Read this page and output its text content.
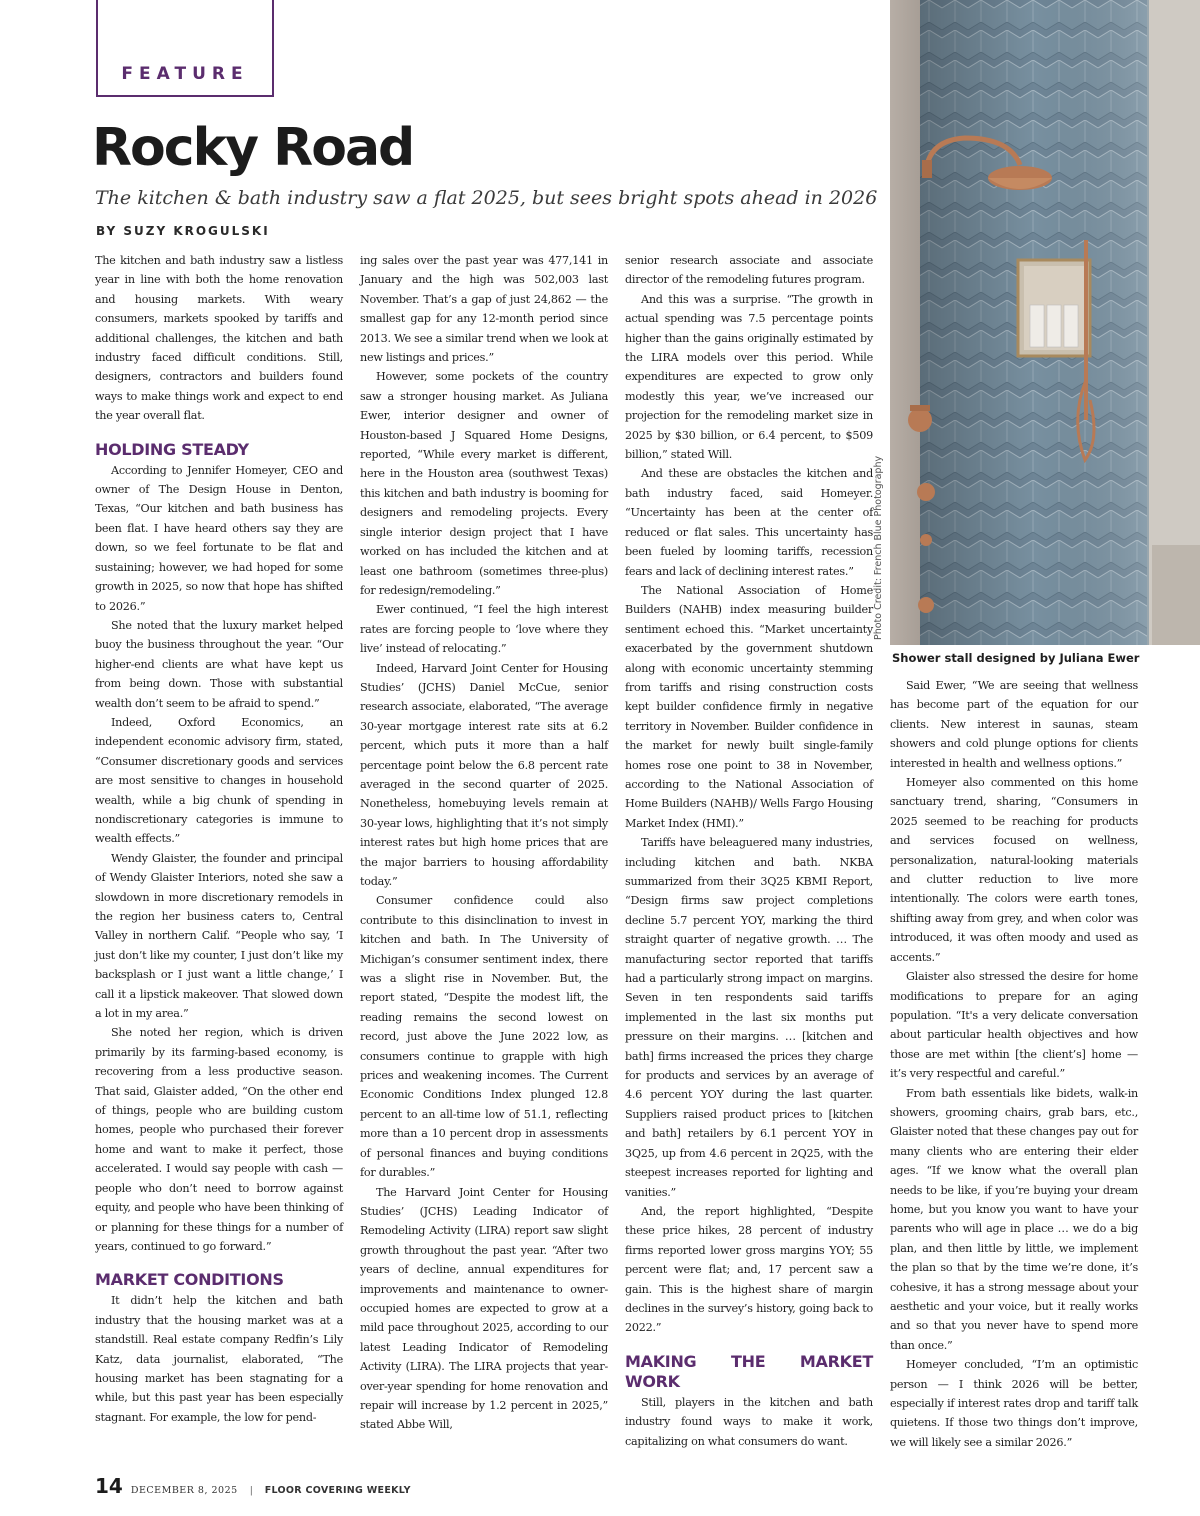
FEATURE
Rocky Road
The kitchen & bath industry saw a flat 2025, but sees bright spots ahead in 2026
BY SUZY KROGULSKI
Photo Credit: French Blue Photography
Shower stall designed by Juliana Ewer

The kitchen and bath industry saw a listless year in line with both the home renovation and housing markets. With weary consumers, markets spooked by tariffs and additional challenges, the kitchen and bath industry faced difficult conditions. Still, designers, contractors and builders found ways to make things work and expect to end the year overall flat.

HOLDING STEADY

According to Jennifer Homeyer, CEO and owner of The Design House in Denton, Texas, “Our kitchen and bath business has been flat. I have heard others say they are down, so we feel fortunate to be flat and sustaining; however, we had hoped for some growth in 2025, so now that hope has shifted to 2026.”

She noted that the luxury market helped buoy the business throughout the year. “Our higher-end clients are what have kept us from being down. Those with substantial wealth don’t seem to be afraid to spend.”

Indeed, Oxford Economics, an independent economic advisory firm, stated, “Consumer discretionary goods and services are most sensitive to changes in household wealth, while a big chunk of spending in nondiscretionary categories is immune to wealth effects.”

Wendy Glaister, the founder and principal of Wendy Glaister Interiors, noted she saw a slowdown in more discretionary remodels in the region her business caters to, Central Valley in northern Calif. “People who say, ‘I just don’t like my counter, I just don’t like my backsplash or I just want a little change,’ I call it a lipstick makeover. That slowed down a lot in my area.”

She noted her region, which is driven primarily by its farming-based economy, is recovering from a less productive season. That said, Glaister added, “On the other end of things, people who are building custom homes, people who purchased their forever home and want to make it perfect, those accelerated. I would say people with cash — people who don’t need to borrow against equity, and people who have been thinking of or planning for these things for a number of years, continued to go forward.”

MARKET CONDITIONS

It didn’t help the kitchen and bath industry that the housing market was at a standstill. Real estate company Redfin’s Lily Katz, data journalist, elaborated, “The housing market has been stagnating for a while, but this past year has been especially stagnant. For example, the low for pend-

ing sales over the past year was 477,141 in January and the high was 502,003 last November. That’s a gap of just 24,862 — the smallest gap for any 12-month period since 2013. We see a similar trend when we look at new listings and prices.”

However, some pockets of the country saw a stronger housing market. As Juliana Ewer, interior designer and owner of Houston-based J Squared Home Designs, reported, “While every market is different, here in the Houston area (southwest Texas) this kitchen and bath industry is booming for designers and remodeling projects. Every single interior design project that I have worked on has included the kitchen and at least one bathroom (sometimes three-plus) for redesign/remodeling.”

Ewer continued, “I feel the high interest rates are forcing people to ‘love where they live’ instead of relocating.”

Indeed, Harvard Joint Center for Housing Studies’ (JCHS) Daniel McCue, senior research associate, elaborated, “The average 30-year mortgage interest rate sits at 6.2 percent, which puts it more than a half percentage point below the 6.8 percent rate averaged in the second quarter of 2025. Nonetheless, homebuying levels remain at 30-year lows, highlighting that it’s not simply interest rates but high home prices that are the major barriers to housing affordability today.”

Consumer confidence could also contribute to this disinclination to invest in kitchen and bath. In The University of Michigan’s consumer sentiment index, there was a slight rise in November. But, the report stated, “Despite the modest lift, the reading remains the second lowest on record, just above the June 2022 low, as consumers continue to grapple with high prices and weakening incomes. The Current Economic Conditions Index plunged 12.8 percent to an all-time low of 51.1, reflecting more than a 10 percent drop in assessments of personal finances and buying conditions for durables.”

The Harvard Joint Center for Housing Studies’ (JCHS) Leading Indicator of Remodeling Activity (LIRA) report saw slight growth throughout the past year. “After two years of decline, annual expenditures for improvements and maintenance to owner-occupied homes are expected to grow at a mild pace throughout 2025, according to our latest Leading Indicator of Remodeling Activity (LIRA). The LIRA projects that year-over-year spending for home renovation and repair will increase by 1.2 percent in 2025,” stated Abbe Will,

senior research associate and associate director of the remodeling futures program.

And this was a surprise. “The growth in actual spending was 7.5 percentage points higher than the gains originally estimated by the LIRA models over this period. While expenditures are expected to grow only modestly this year, we’ve increased our projection for the remodeling market size in 2025 by $30 billion, or 6.4 percent, to $509 billion,” stated Will.

And these are obstacles the kitchen and bath industry faced, said Homeyer. “Uncertainty has been at the center of reduced or flat sales. This uncertainty has been fueled by looming tariffs, recession fears and lack of declining interest rates.”

The National Association of Home Builders (NAHB) index measuring builder sentiment echoed this. “Market uncertainty exacerbated by the government shutdown along with economic uncertainty stemming from tariffs and rising construction costs kept builder confidence firmly in negative territory in November. Builder confidence in the market for newly built single-family homes rose one point to 38 in November, according to the National Association of Home Builders (NAHB)/ Wells Fargo Housing Market Index (HMI).”

Tariffs have beleaguered many industries, including kitchen and bath. NKBA summarized from their 3Q25 KBMI Report, “Design firms saw project completions decline 5.7 percent YOY, marking the third straight quarter of negative growth. … The manufacturing sector reported that tariffs had a particularly strong impact on margins. Seven in ten respondents said tariffs implemented in the last six months put pressure on their margins. … [kitchen and bath] firms increased the prices they charge for products and services by an average of 4.6 percent YOY during the last quarter. Suppliers raised product prices to [kitchen and bath] retailers by 6.1 percent YOY in 3Q25, up from 4.6 percent in 2Q25, with the steepest increases reported for lighting and vanities.”

And, the report highlighted, “Despite these price hikes, 28 percent of industry firms reported lower gross margins YOY; 55 percent were flat; and, 17 percent saw a gain. This is the highest share of margin declines in the survey’s history, going back to 2022.”

MAKING THE MARKET WORK

Still, players in the kitchen and bath industry found ways to make it work, capitalizing on what consumers do want.

Said Ewer, “We are seeing that wellness has become part of the equation for our clients. New interest in saunas, steam showers and cold plunge options for clients interested in health and wellness options.”

Homeyer also commented on this home sanctuary trend, sharing, “Consumers in 2025 seemed to be reaching for products and services focused on wellness, personalization, natural-looking materials and clutter reduction to live more intentionally. The colors were earth tones, shifting away from grey, and when color was introduced, it was often moody and used as accents.”

Glaister also stressed the desire for home modifications to prepare for an aging population. “It's a very delicate conversation about particular health objectives and how those are met within [the client’s] home — it’s very respectful and careful.”

From bath essentials like bidets, walk-in showers, grooming chairs, grab bars, etc., Glaister noted that these changes pay out for many clients who are entering their elder ages. “If we know what the overall plan needs to be like, if you’re buying your dream home, but you know you want to have your parents who will age in place … we do a big plan, and then little by little, we implement the plan so that by the time we’re done, it’s cohesive, it has a strong message about your aesthetic and your voice, but it really works and so that you never have to spend more than once.”

Homeyer concluded, “I’m an optimistic person — I think 2026 will be better, especially if interest rates drop and tariff talk quietens. If those two things don’t improve, we will likely see a similar 2026.”

14 DECEMBER 8, 2025 | FLOOR COVERING WEEKLY
